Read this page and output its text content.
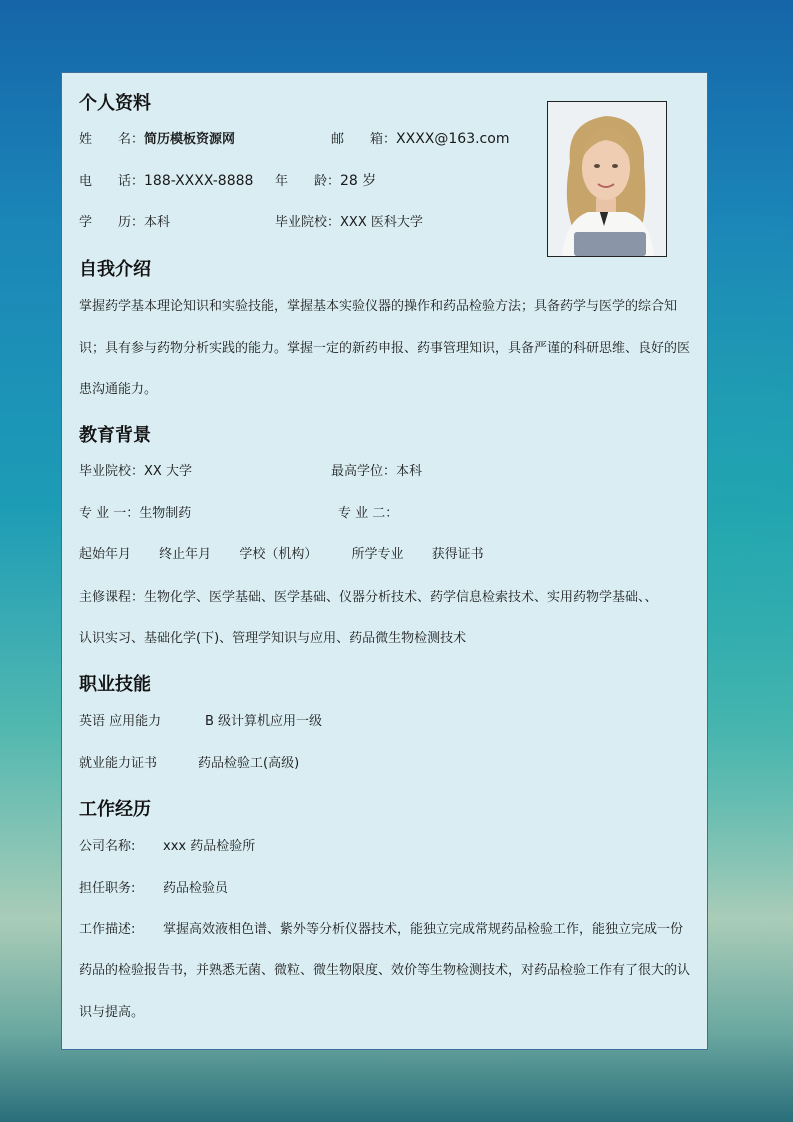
个人资料
姓　　名：简历模板资源网	邮　　箱：XXXX@163.com
电　　话：188-XXXX-8888 年　　龄：28 岁
学　　历：本科	毕业院校：XXX 医科大学
自我介绍
掌握药学基本理论知识和实验技能，掌握基本实验仪器的操作和药品检验方法；具备药学与医学的综合知识；具有参与药物分析实践的能力。掌握一定的新药申报、药事管理知识，具备严谨的科研思维、良好的医患沟通能力。
教育背景
毕业院校：XX 大学	最高学位：本科
专 业 一：生物制药	专 业 二：
起始年月 终止年月 学校（机构）	所学专业 获得证书
主修课程：生物化学、医学基础、医学基础、仪器分析技术、药学信息检索技术、实用药物学基础、、
认识实习、基础化学(下)、管理学知识与应用、药品微生物检测技术
职业技能
英语 应用能力	B 级计算机应用一级
就业能力证书	药品检验工(高级)
工作经历
公司名称: xxx 药品检验所
担任职务: 药品检验员
工作描述: 掌握高效液相色谱、紫外等分析仪器技术，能独立完成常规药品检验工作，能独立完成一份
药品的检验报告书，并熟悉无菌、微粒、微生物限度、效价等生物检测技术，对药品检验工作有了很大的认识与提高。
